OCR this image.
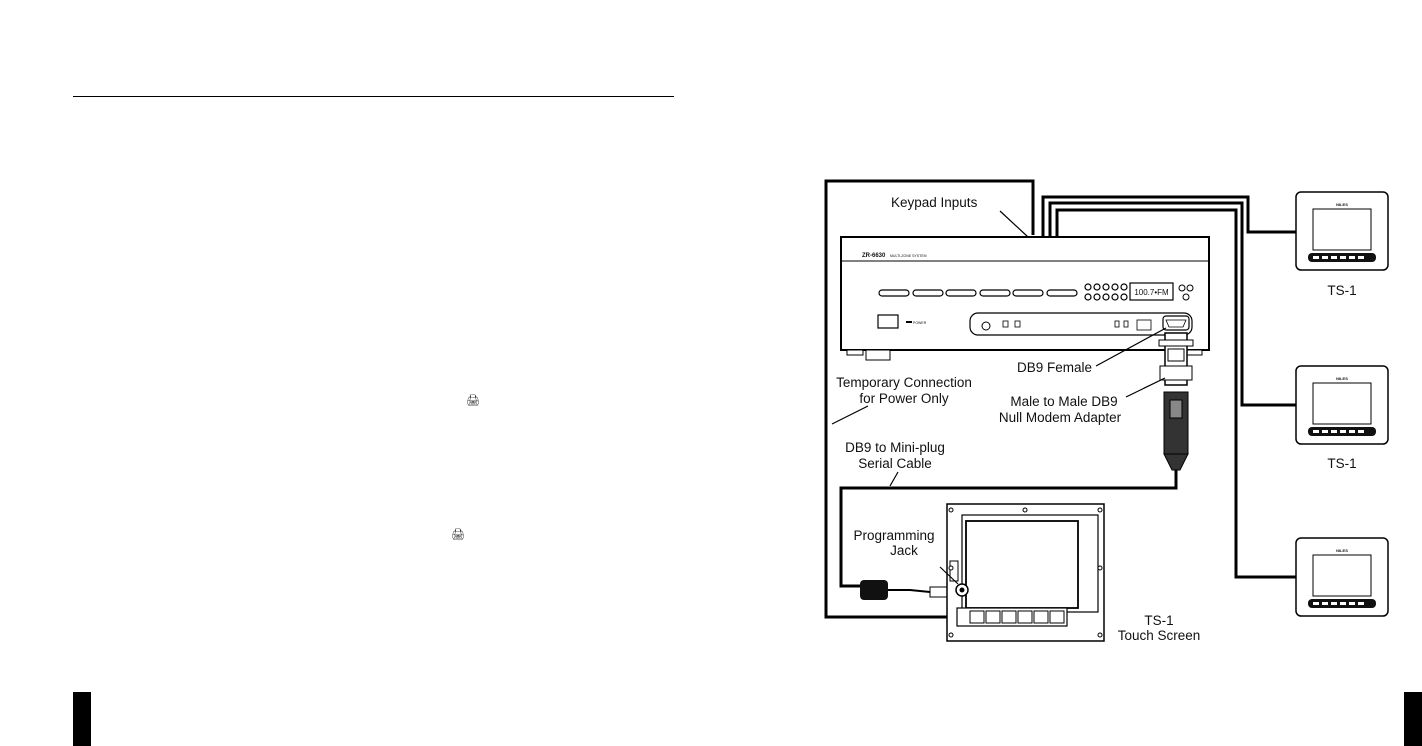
🖨
🖨
ZR-6630 MULTI-ZONE SYSTEM
100.7•FM
POWER
NILES
NILES
NILES
Keypad Inputs
DB9 Female
Temporary Connection
for Power Only	Male to Male DB9
Null Modem Adapter
DB9 to Mini-plug
Serial Cable
Programming
Jack
TS-1
TS-1
TS-1
Touch Screen
